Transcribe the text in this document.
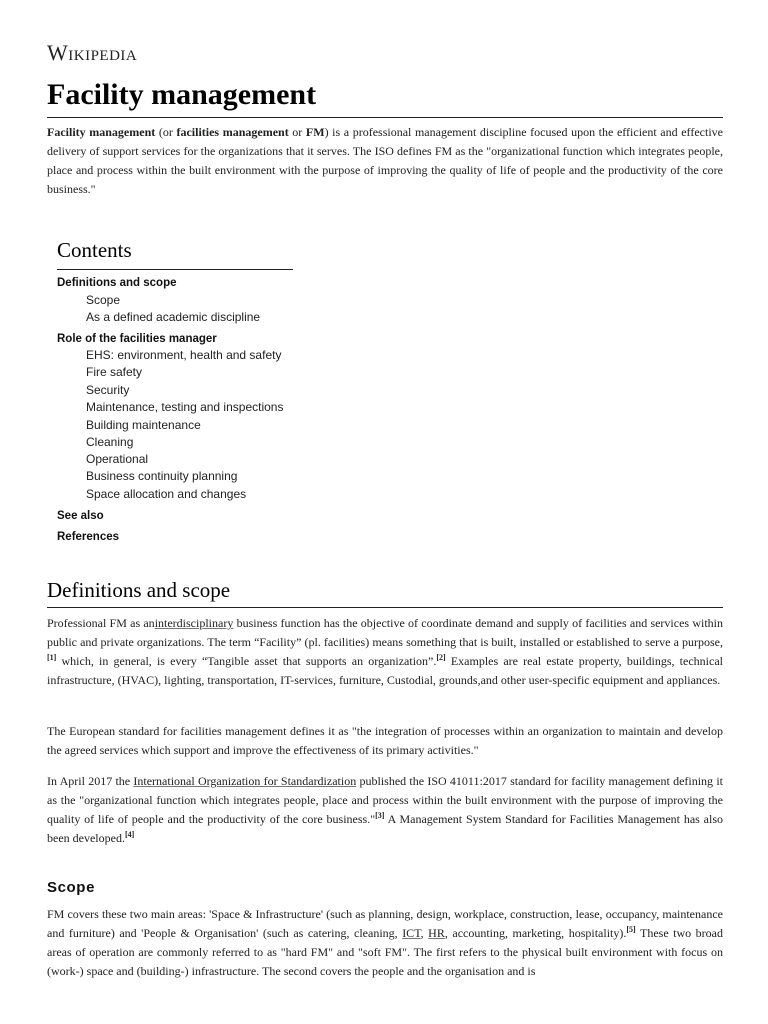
Wikipedia
Facility management

Facility management (or facilities management or FM) is a professional management discipline focused upon the efficient and effective delivery of support services for the organizations that it serves. The ISO defines FM as the "organizational function which integrates people, place and process within the built environment with the purpose of improving the quality of life of people and the productivity of the core business."

Contents
Definitions and scope
Scope
As a defined academic discipline
Role of the facilities manager
EHS: environment, health and safety
Fire safety
Security
Maintenance, testing and inspections
Building maintenance
Cleaning
Operational
Business continuity planning
Space allocation and changes
See also
References
Definitions and scope

Professional FM as aninterdisciplinary business function has the objective of coordinate demand and supply of facilities and services within public and private organizations. The term “Facility” (pl. facilities) means something that is built, installed or established to serve a purpose,[1] which, in general, is every “Tangible asset that supports an organization”.[2] Examples are real estate property, buildings, technical infrastructure, (HVAC), lighting, transportation, IT-services, furniture, Custodial, grounds,and other user-specific equipment and appliances.

The European standard for facilities management defines it as "the integration of processes within an organization to maintain and develop the agreed services which support and improve the effectiveness of its primary activities."

In April 2017 the International Organization for Standardization published the ISO 41011:2017 standard for facility management defining it as the "organizational function which integrates people, place and process within the built environment with the purpose of improving the quality of life of people and the productivity of the core business."[3] A Management System Standard for Facilities Management has also been developed.[4]

Scope

FM covers these two main areas: 'Space & Infrastructure' (such as planning, design, workplace, construction, lease, occupancy, maintenance and furniture) and 'People & Organisation' (such as catering, cleaning, ICT, HR, accounting, marketing, hospitality).[5] These two broad areas of operation are commonly referred to as "hard FM" and "soft FM". The first refers to the physical built environment with focus on (work-) space and (building-) infrastructure. The second covers the people and the organisation and is
